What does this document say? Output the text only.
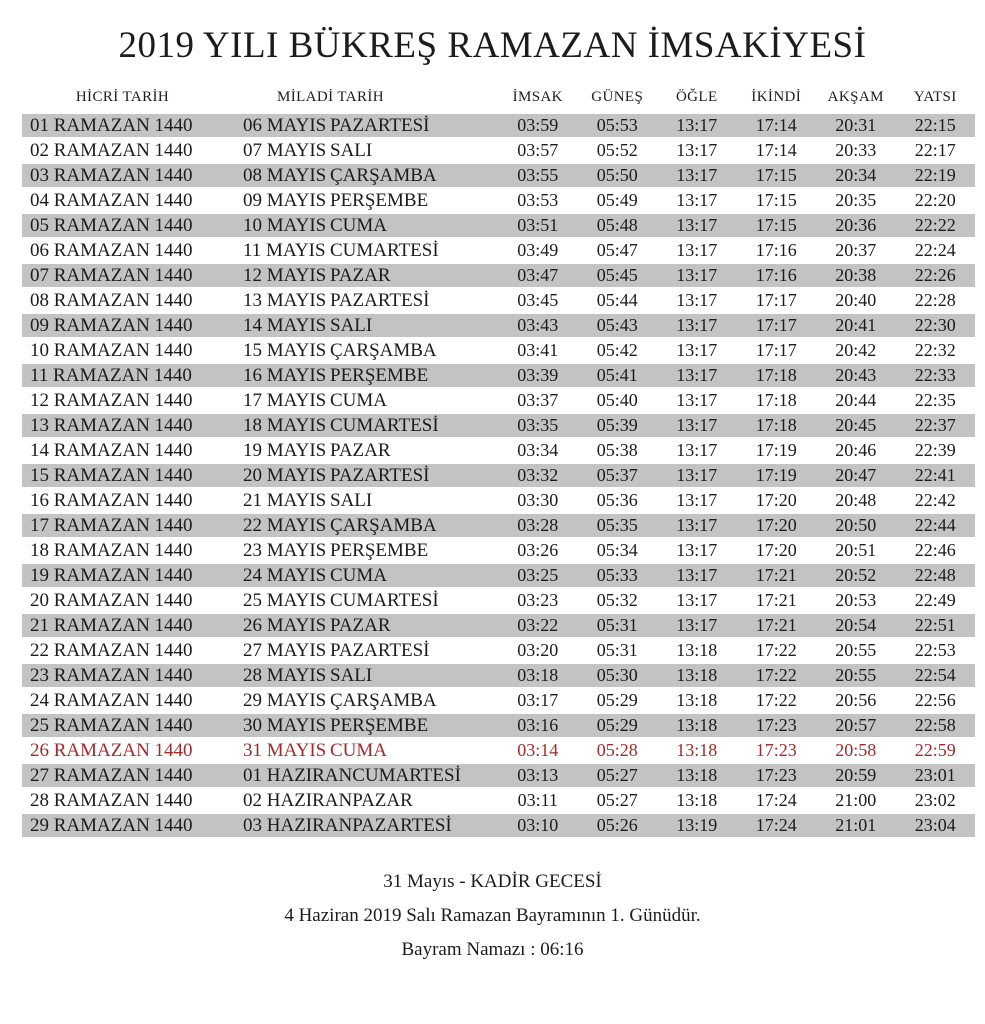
2019 YILI BÜKREŞ RAMAZAN İMSAKİYESİ
HİCRİ TARİH	MİLADİ TARİH	İMSAK	GÜNEŞ	ÖĞLE	İKİNDİ	AKŞAM	YATSI
01 RAMAZAN 1440	06 MAYIS PAZARTESİ	03:59	05:53	13:17	17:14	20:31	22:15
02 RAMAZAN 1440	07 MAYIS SALI	03:57	05:52	13:17	17:14	20:33	22:17
03 RAMAZAN 1440	08 MAYIS ÇARŞAMBA	03:55	05:50	13:17	17:15	20:34	22:19
04 RAMAZAN 1440	09 MAYIS PERŞEMBE	03:53	05:49	13:17	17:15	20:35	22:20
05 RAMAZAN 1440	10 MAYIS CUMA	03:51	05:48	13:17	17:15	20:36	22:22
06 RAMAZAN 1440	11 MAYIS CUMARTESİ	03:49	05:47	13:17	17:16	20:37	22:24
07 RAMAZAN 1440	12 MAYIS PAZAR	03:47	05:45	13:17	17:16	20:38	22:26
08 RAMAZAN 1440	13 MAYIS PAZARTESİ	03:45	05:44	13:17	17:17	20:40	22:28
09 RAMAZAN 1440	14 MAYIS SALI	03:43	05:43	13:17	17:17	20:41	22:30
10 RAMAZAN 1440	15 MAYIS ÇARŞAMBA	03:41	05:42	13:17	17:17	20:42	22:32
11 RAMAZAN 1440	16 MAYIS PERŞEMBE	03:39	05:41	13:17	17:18	20:43	22:33
12 RAMAZAN 1440	17 MAYIS CUMA	03:37	05:40	13:17	17:18	20:44	22:35
13 RAMAZAN 1440	18 MAYIS CUMARTESİ	03:35	05:39	13:17	17:18	20:45	22:37
14 RAMAZAN 1440	19 MAYIS PAZAR	03:34	05:38	13:17	17:19	20:46	22:39
15 RAMAZAN 1440	20 MAYIS PAZARTESİ	03:32	05:37	13:17	17:19	20:47	22:41
16 RAMAZAN 1440	21 MAYIS SALI	03:30	05:36	13:17	17:20	20:48	22:42
17 RAMAZAN 1440	22 MAYIS ÇARŞAMBA	03:28	05:35	13:17	17:20	20:50	22:44
18 RAMAZAN 1440	23 MAYIS PERŞEMBE	03:26	05:34	13:17	17:20	20:51	22:46
19 RAMAZAN 1440	24 MAYIS CUMA	03:25	05:33	13:17	17:21	20:52	22:48
20 RAMAZAN 1440	25 MAYIS CUMARTESİ	03:23	05:32	13:17	17:21	20:53	22:49
21 RAMAZAN 1440	26 MAYIS PAZAR	03:22	05:31	13:17	17:21	20:54	22:51
22 RAMAZAN 1440	27 MAYIS PAZARTESİ	03:20	05:31	13:18	17:22	20:55	22:53
23 RAMAZAN 1440	28 MAYIS SALI	03:18	05:30	13:18	17:22	20:55	22:54
24 RAMAZAN 1440	29 MAYIS ÇARŞAMBA	03:17	05:29	13:18	17:22	20:56	22:56
25 RAMAZAN 1440	30 MAYIS PERŞEMBE	03:16	05:29	13:18	17:23	20:57	22:58
26 RAMAZAN 1440	31 MAYIS CUMA	03:14	05:28	13:18	17:23	20:58	22:59
27 RAMAZAN 1440	01 HAZIRANCUMARTESİ	03:13	05:27	13:18	17:23	20:59	23:01
28 RAMAZAN 1440	02 HAZIRANPAZAR	03:11	05:27	13:18	17:24	21:00	23:02
29 RAMAZAN 1440	03 HAZIRANPAZARTESİ	03:10	05:26	13:19	17:24	21:01	23:04
31 Mayıs - KADİR GECESİ
4 Haziran 2019 Salı Ramazan Bayramının 1. Günüdür.
Bayram Namazı : 06:16
